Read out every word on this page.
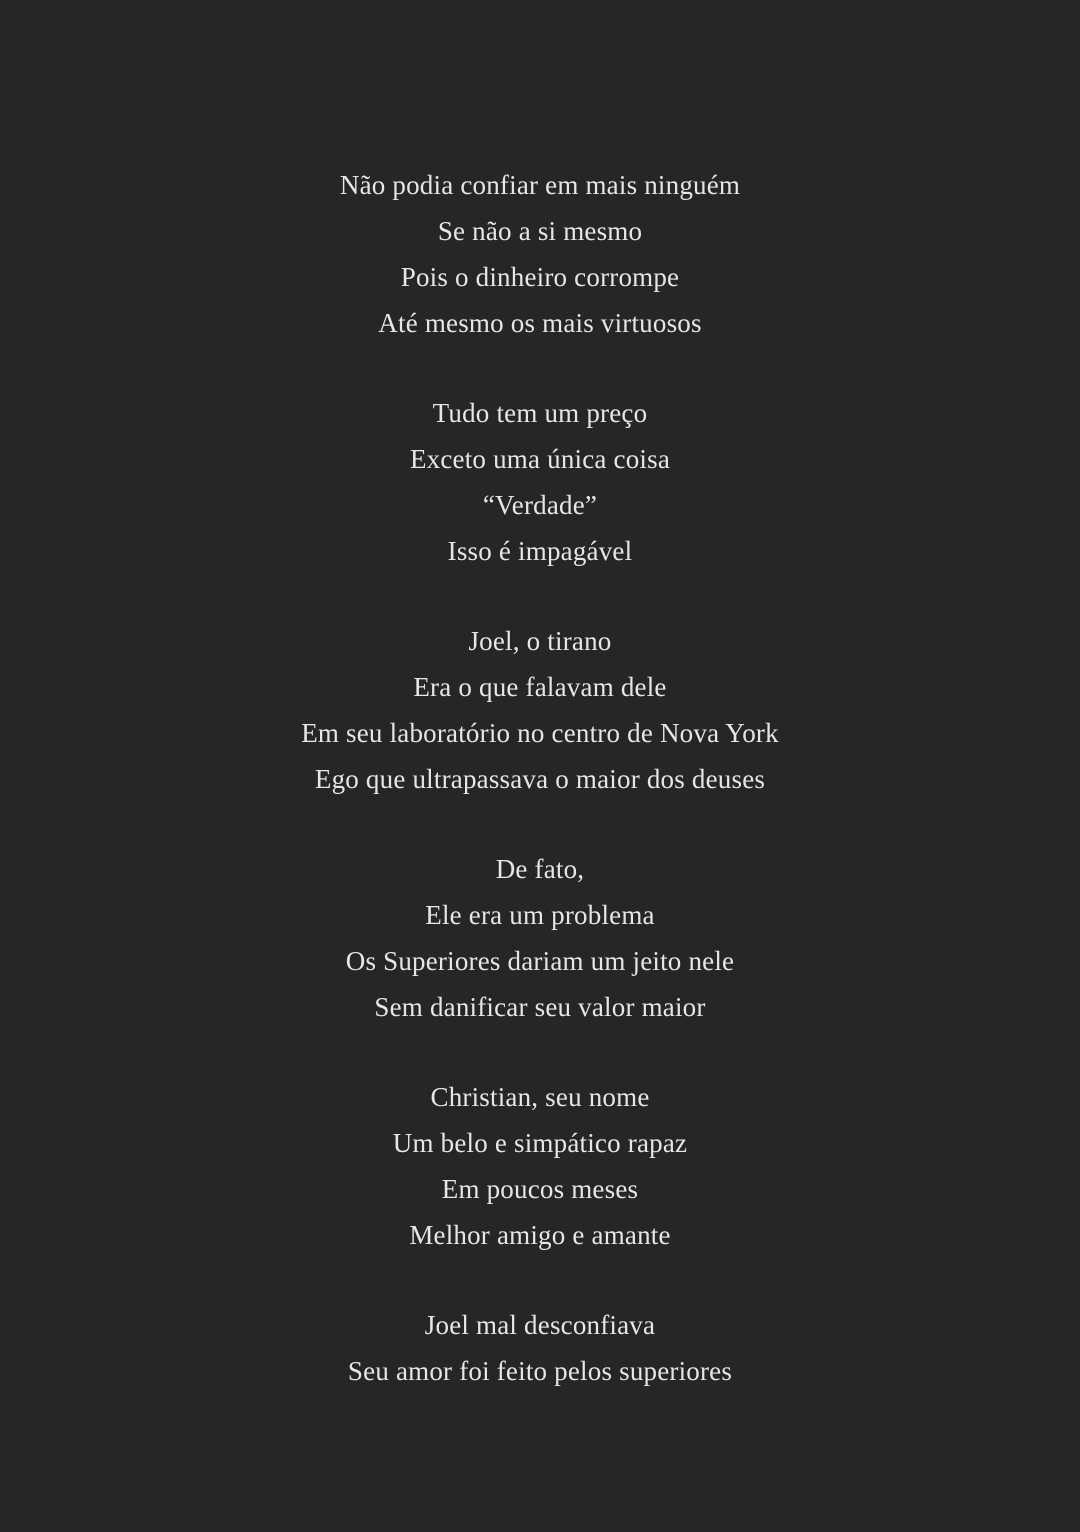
Não podia confiar em mais ninguém
Se não a si mesmo
Pois o dinheiro corrompe
Até mesmo os mais virtuosos
Tudo tem um preço
Exceto uma única coisa
“Verdade”
Isso é impagável
Joel, o tirano
Era o que falavam dele
Em seu laboratório no centro de Nova York
Ego que ultrapassava o maior dos deuses
De fato,
Ele era um problema
Os Superiores dariam um jeito nele
Sem danificar seu valor maior
Christian, seu nome
Um belo e simpático rapaz
Em poucos meses
Melhor amigo e amante
Joel mal desconfiava
Seu amor foi feito pelos superiores
